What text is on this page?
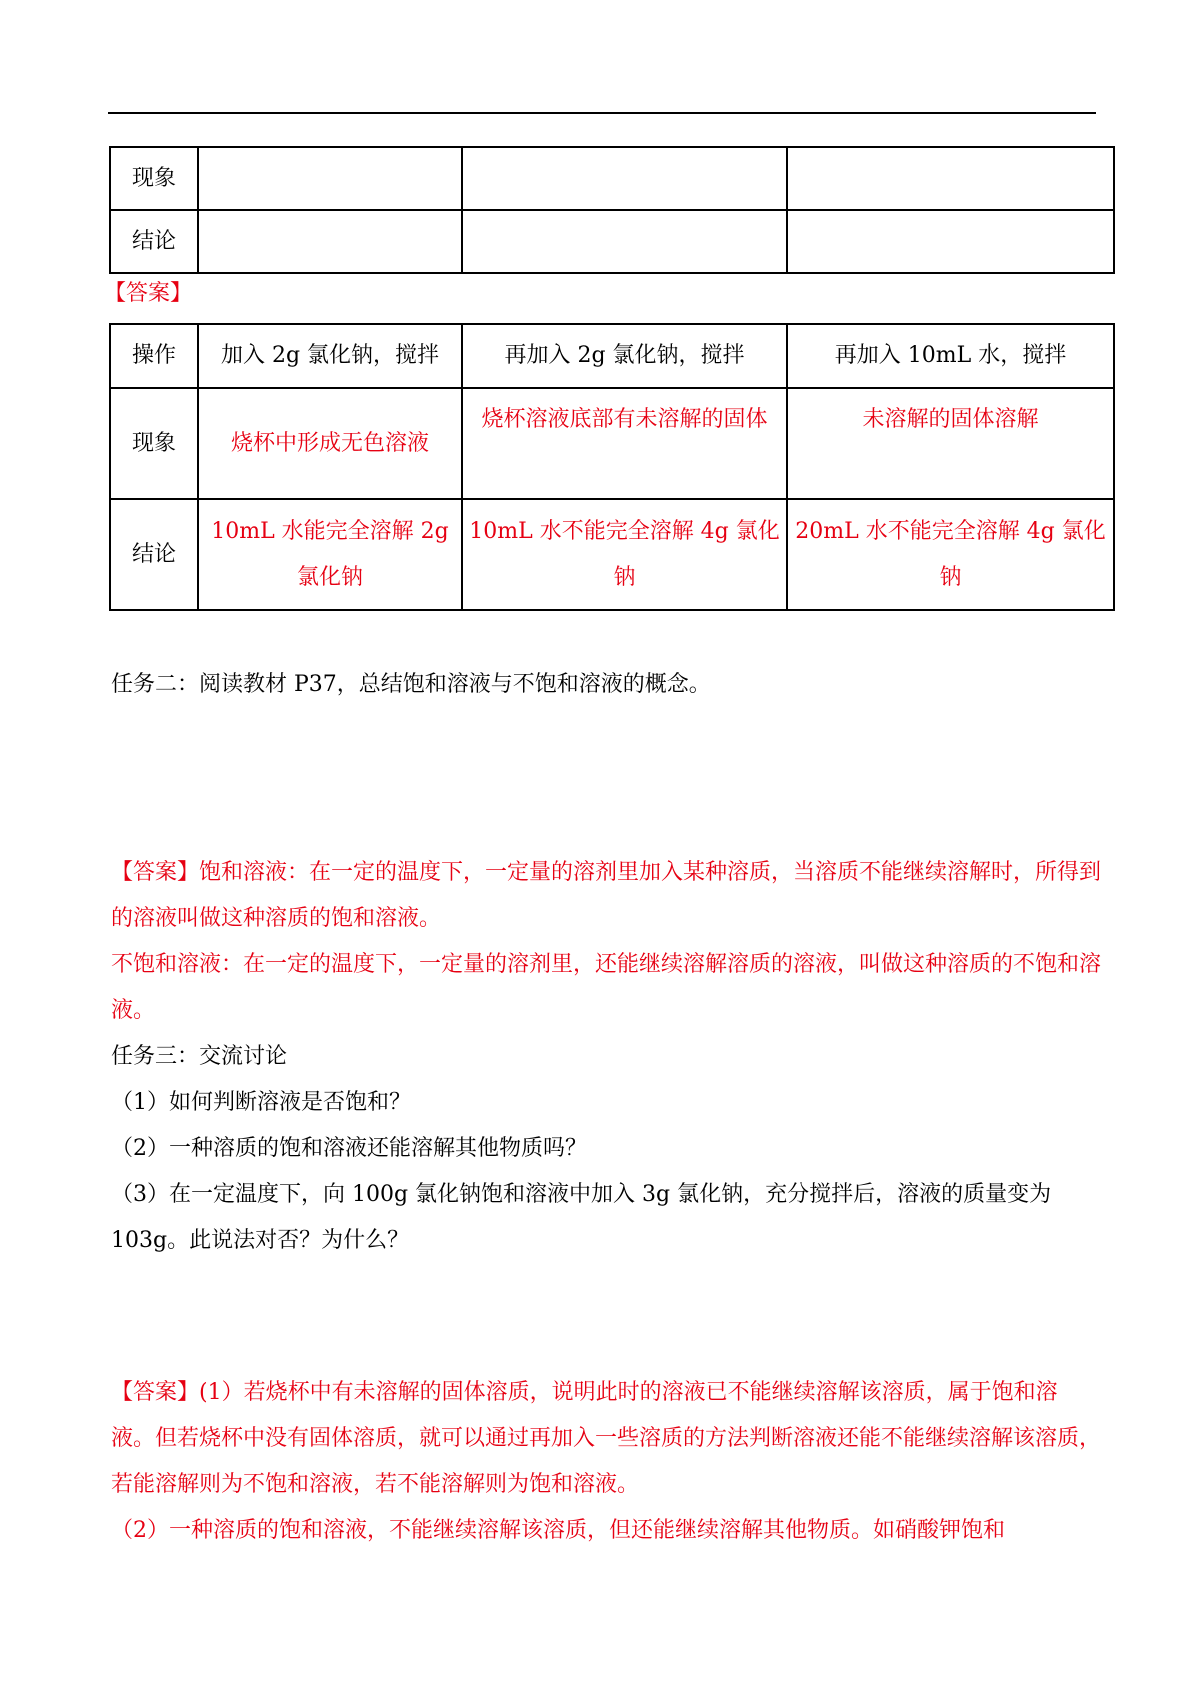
现象			
结论			
【答案】
操作	加入 2g 氯化钠，搅拌	再加入 2g 氯化钠，搅拌	再加入 10mL 水，搅拌
现象	烧杯中形成无色溶液	烧杯溶液底部有未溶解的固体	未溶解的固体溶解
结论	10mL 水能完全溶解 2g 氯化钠	10mL 水不能完全溶解 4g 氯化钠	20mL 水不能完全溶解 4g 氯化钠

任务二：阅读教材 P37，总结饱和溶液与不饱和溶液的概念。

【答案】饱和溶液：在一定的温度下，一定量的溶剂里加入某种溶质，当溶质不能继续溶解时，所得到的溶液叫做这种溶质的饱和溶液。

不饱和溶液：在一定的温度下，一定量的溶剂里，还能继续溶解溶质的溶液，叫做这种溶质的不饱和溶液。

任务三：交流讨论

（1）如何判断溶液是否饱和？

（2）一种溶质的饱和溶液还能溶解其他物质吗？

（3）在一定温度下，向 100g 氯化钠饱和溶液中加入 3g 氯化钠，充分搅拌后，溶液的质量变为 103g。此说法对否？为什么？

【答案】(1）若烧杯中有未溶解的固体溶质，说明此时的溶液已不能继续溶解该溶质，属于饱和溶液。但若烧杯中没有固体溶质，就可以通过再加入一些溶质的方法判断溶液还能不能继续溶解该溶质，若能溶解则为不饱和溶液，若不能溶解则为饱和溶液。

（2）一种溶质的饱和溶液，不能继续溶解该溶质，但还能继续溶解其他物质。如硝酸钾饱和
